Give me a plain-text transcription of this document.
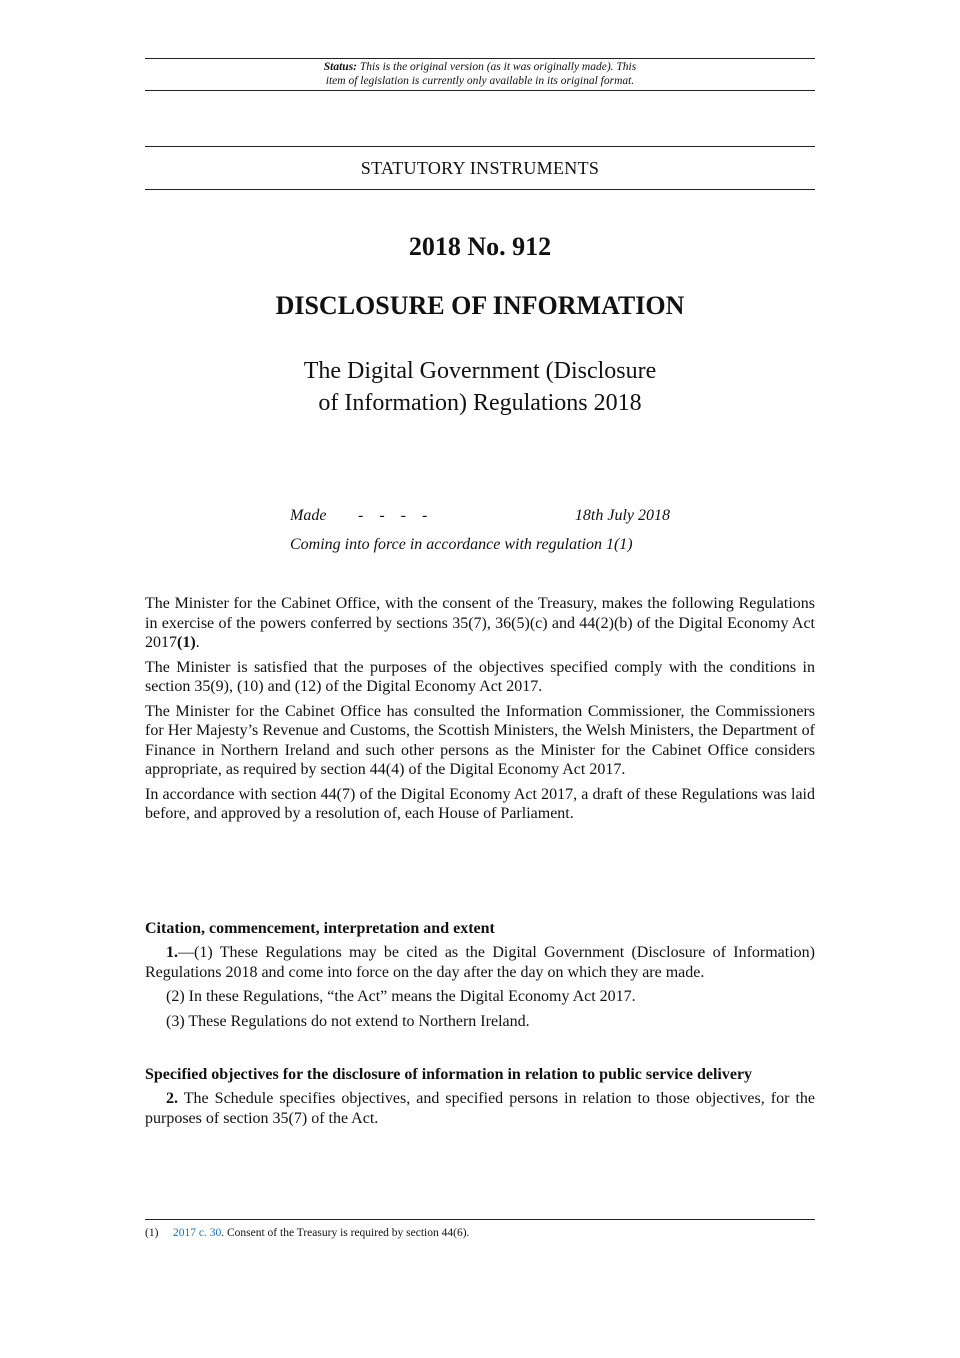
Status: This is the original version (as it was originally made). This
item of legislation is currently only available in its original format.
STATUTORY INSTRUMENTS
2018 No. 912
DISCLOSURE OF INFORMATION
The Digital Government (Disclosure
of Information) Regulations 2018
Made -    -    -    -	18th July 2018
Coming into force in accordance with regulation 1(1)

The Minister for the Cabinet Office, with the consent of the Treasury, makes the following Regulations in exercise of the powers conferred by sections 35(7), 36(5)(c) and 44(2)(b) of the Digital Economy Act 2017(1).

The Minister is satisfied that the purposes of the objectives specified comply with the conditions in section 35(9), (10) and (12) of the Digital Economy Act 2017.

The Minister for the Cabinet Office has consulted the Information Commissioner, the Commissioners for Her Majesty’s Revenue and Customs, the Scottish Ministers, the Welsh Ministers, the Department of Finance in Northern Ireland and such other persons as the Minister for the Cabinet Office considers appropriate, as required by section 44(4) of the Digital Economy Act 2017.

In accordance with section 44(7) of the Digital Economy Act 2017, a draft of these Regulations was laid before, and approved by a resolution of, each House of Parliament.

Citation, commencement, interpretation and extent

1.—(1) These Regulations may be cited as the Digital Government (Disclosure of Information) Regulations 2018 and come into force on the day after the day on which they are made.

(2) In these Regulations, “the Act” means the Digital Economy Act 2017.

(3) These Regulations do not extend to Northern Ireland.

Specified objectives for the disclosure of information in relation to public service delivery

2. The Schedule specifies objectives, and specified persons in relation to those objectives, for the purposes of section 35(7) of the Act.

(1) 2017 c. 30. Consent of the Treasury is required by section 44(6).
